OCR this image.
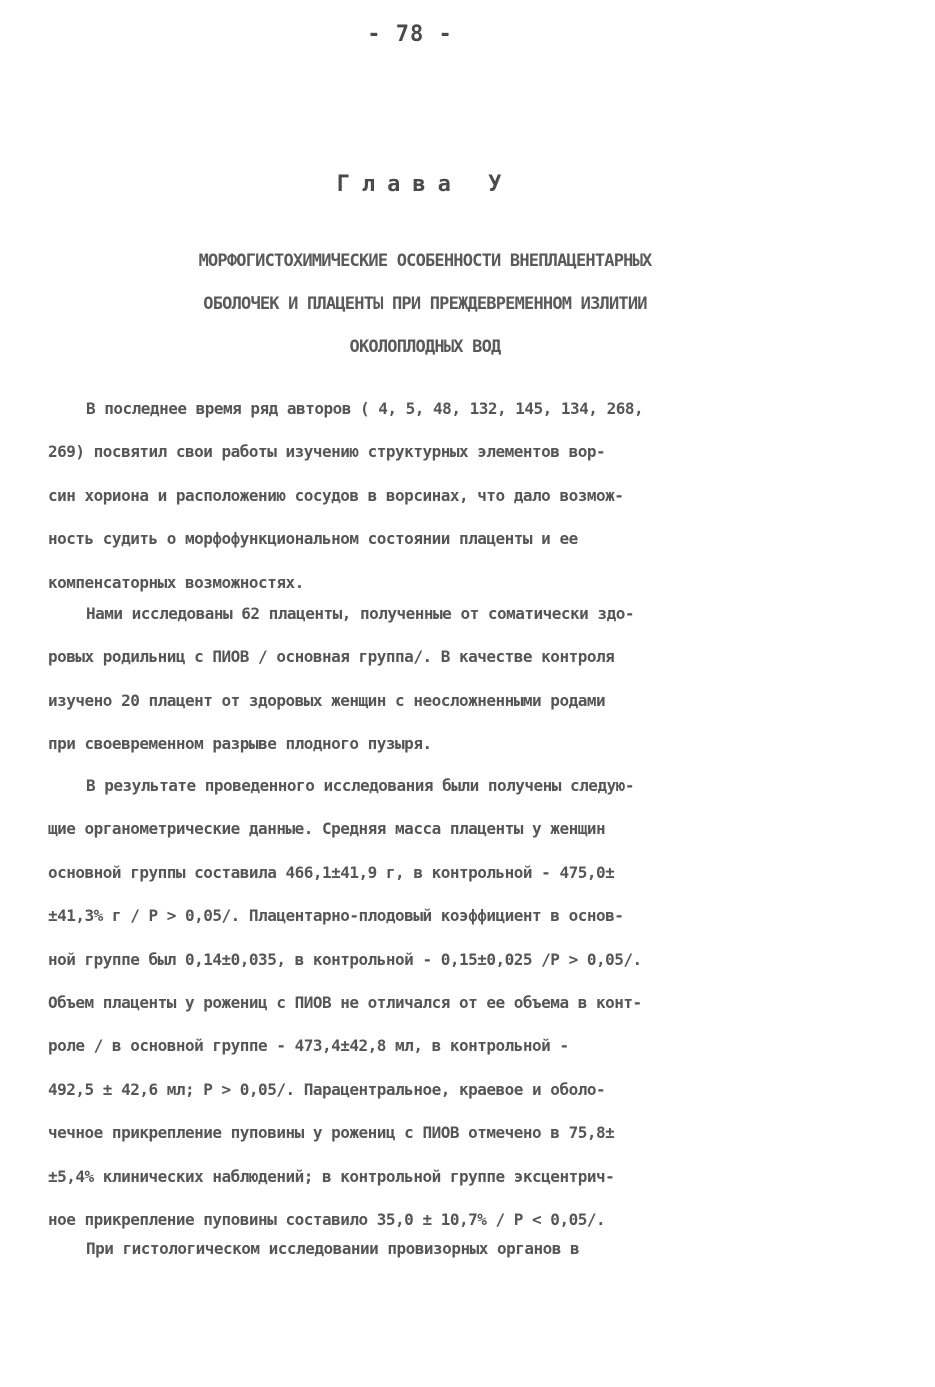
- 78 -
Глава У
МОРФОГИСТОХИМИЧЕСКИЕ ОСОБЕННОСТИ ВНЕПЛАЦЕНТАРНЫХ
ОБОЛОЧЕК И ПЛАЦЕНТЫ ПРИ ПРЕЖДЕВРЕМЕННОМ ИЗЛИТИИ
ОКОЛОПЛОДНЫХ ВОД
В последнее время ряд авторов ( 4, 5, 48, 132, 145, 134, 268,
269) посвятил свои работы изучению структурных элементов вор-
син хориона и расположению сосудов в ворсинах, что дало возмож-
ность судить о морфофункциональном состоянии плаценты и ее
компенсаторных возможностях.
Нами исследованы 62 плаценты, полученные от соматически здо-
ровых родильниц с ПИОВ / основная группа/. В качестве контроля
изучено 20 плацент от здоровых женщин с неосложненными родами
при своевременном разрыве плодного пузыря.
В результате проведенного исследования были получены следую-
щие органометрические данные. Средняя масса плаценты у женщин
основной группы составила 466,1±41,9 г, в контрольной - 475,0±
±41,3% г / Р > 0,05/. Плацентарно-плодовый коэффициент в основ-
ной группе был 0,14±0,035, в контрольной - 0,15±0,025 /Р > 0,05/.
Объем плаценты у рожениц с ПИОВ не отличался от ее объема в конт-
роле / в основной группе - 473,4±42,8 мл, в контрольной -
492,5 ± 42,6 мл; Р > 0,05/. Парацентральное, краевое и оболо-
чечное прикрепление пуповины у рожениц с ПИОВ отмечено в 75,8±
±5,4% клинических наблюдений; в контрольной группе эксцентрич-
ное прикрепление пуповины составило 35,0 ± 10,7% / Р < 0,05/.
При гистологическом исследовании провизорных органов в
